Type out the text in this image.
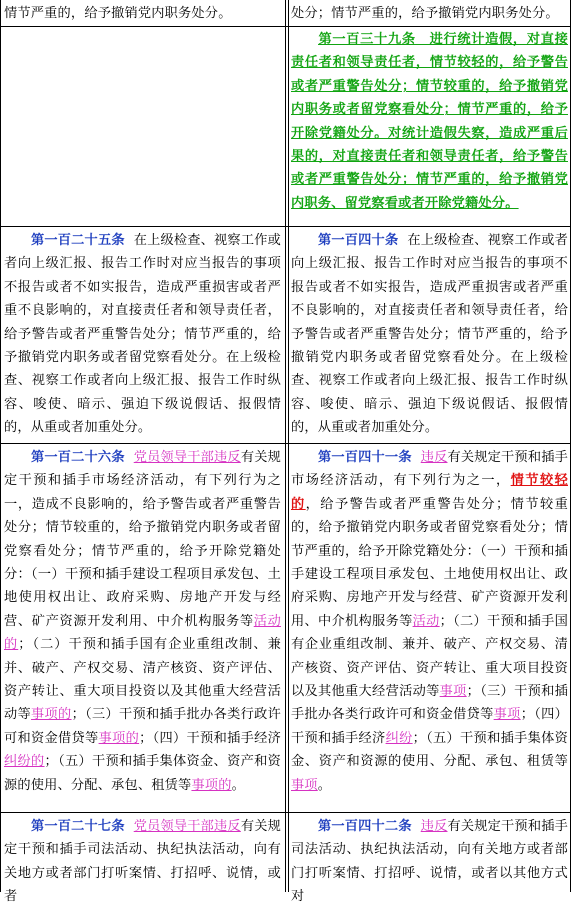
情节严重的，给予撤销党内职务处分。	处分；情节严重的，给予撤销党内职务处分。
第一百三十九条　进行统计造假，对直接责任者和领导责任者，情节较轻的，给予警告或者严重警告处分；情节较重的，给予撤销党内职务或者留党察看处分；情节严重的，给予开除党籍处分。对统计造假失察，造成严重后果的，对直接责任者和领导责任者，给予警告或者严重警告处分；情节严重的，给予撤销党内职务、留党察看或者开除党籍处分。
第一百二十五条 在上级检查、视察工作或者向上级汇报、报告工作时对应当报告的事项不报告或者不如实报告，造成严重损害或者严重不良影响的，对直接责任者和领导责任者，给予警告或者严重警告处分；情节严重的，给予撤销党内职务或者留党察看处分。在上级检查、视察工作或者向上级汇报、报告工作时纵容、唆使、暗示、强迫下级说假话、报假情的，从重或者加重处分。
第一百四十条 在上级检查、视察工作或者向上级汇报、报告工作时对应当报告的事项不报告或者不如实报告，造成严重损害或者严重不良影响的，对直接责任者和领导责任者，给予警告或者严重警告处分；情节严重的，给予撤销党内职务或者留党察看处分。在上级检查、视察工作或者向上级汇报、报告工作时纵容、唆使、暗示、强迫下级说假话、报假情的，从重或者加重处分。
第一百二十六条 党员领导干部违反有关规定干预和插手市场经济活动，有下列行为之一，造成不良影响的，给予警告或者严重警告处分；情节较重的，给予撤销党内职务或者留党察看处分；情节严重的，给予开除党籍处分：（一）干预和插手建设工程项目承发包、土地使用权出让、政府采购、房地产开发与经营、矿产资源开发利用、中介机构服务等活动的；（二）干预和插手国有企业重组改制、兼并、破产、产权交易、清产核资、资产评估、资产转让、重大项目投资以及其他重大经营活动等事项的；（三）干预和插手批办各类行政许可和资金借贷等事项的；（四）干预和插手经济纠纷的；（五）干预和插手集体资金、资产和资源的使用、分配、承包、租赁等事项的。
第一百四十一条 违反有关规定干预和插手市场经济活动，有下列行为之一，情节较轻的，给予警告或者严重警告处分；情节较重的，给予撤销党内职务或者留党察看处分；情节严重的，给予开除党籍处分：（一）干预和插手建设工程项目承发包、土地使用权出让、政府采购、房地产开发与经营、矿产资源开发利用、中介机构服务等活动；（二）干预和插手国有企业重组改制、兼并、破产、产权交易、清产核资、资产评估、资产转让、重大项目投资以及其他重大经营活动等事项；（三）干预和插手批办各类行政许可和资金借贷等事项；（四）干预和插手经济纠纷；（五）干预和插手集体资金、资产和资源的使用、分配、承包、租赁等事项。
第一百二十七条 党员领导干部违反有关规定干预和插手司法活动、执纪执法活动，向有关地方或者部门打听案情、打招呼、说情，或者
第一百四十二条 违反有关规定干预和插手司法活动、执纪执法活动，向有关地方或者部门打听案情、打招呼、说情，或者以其他方式对
